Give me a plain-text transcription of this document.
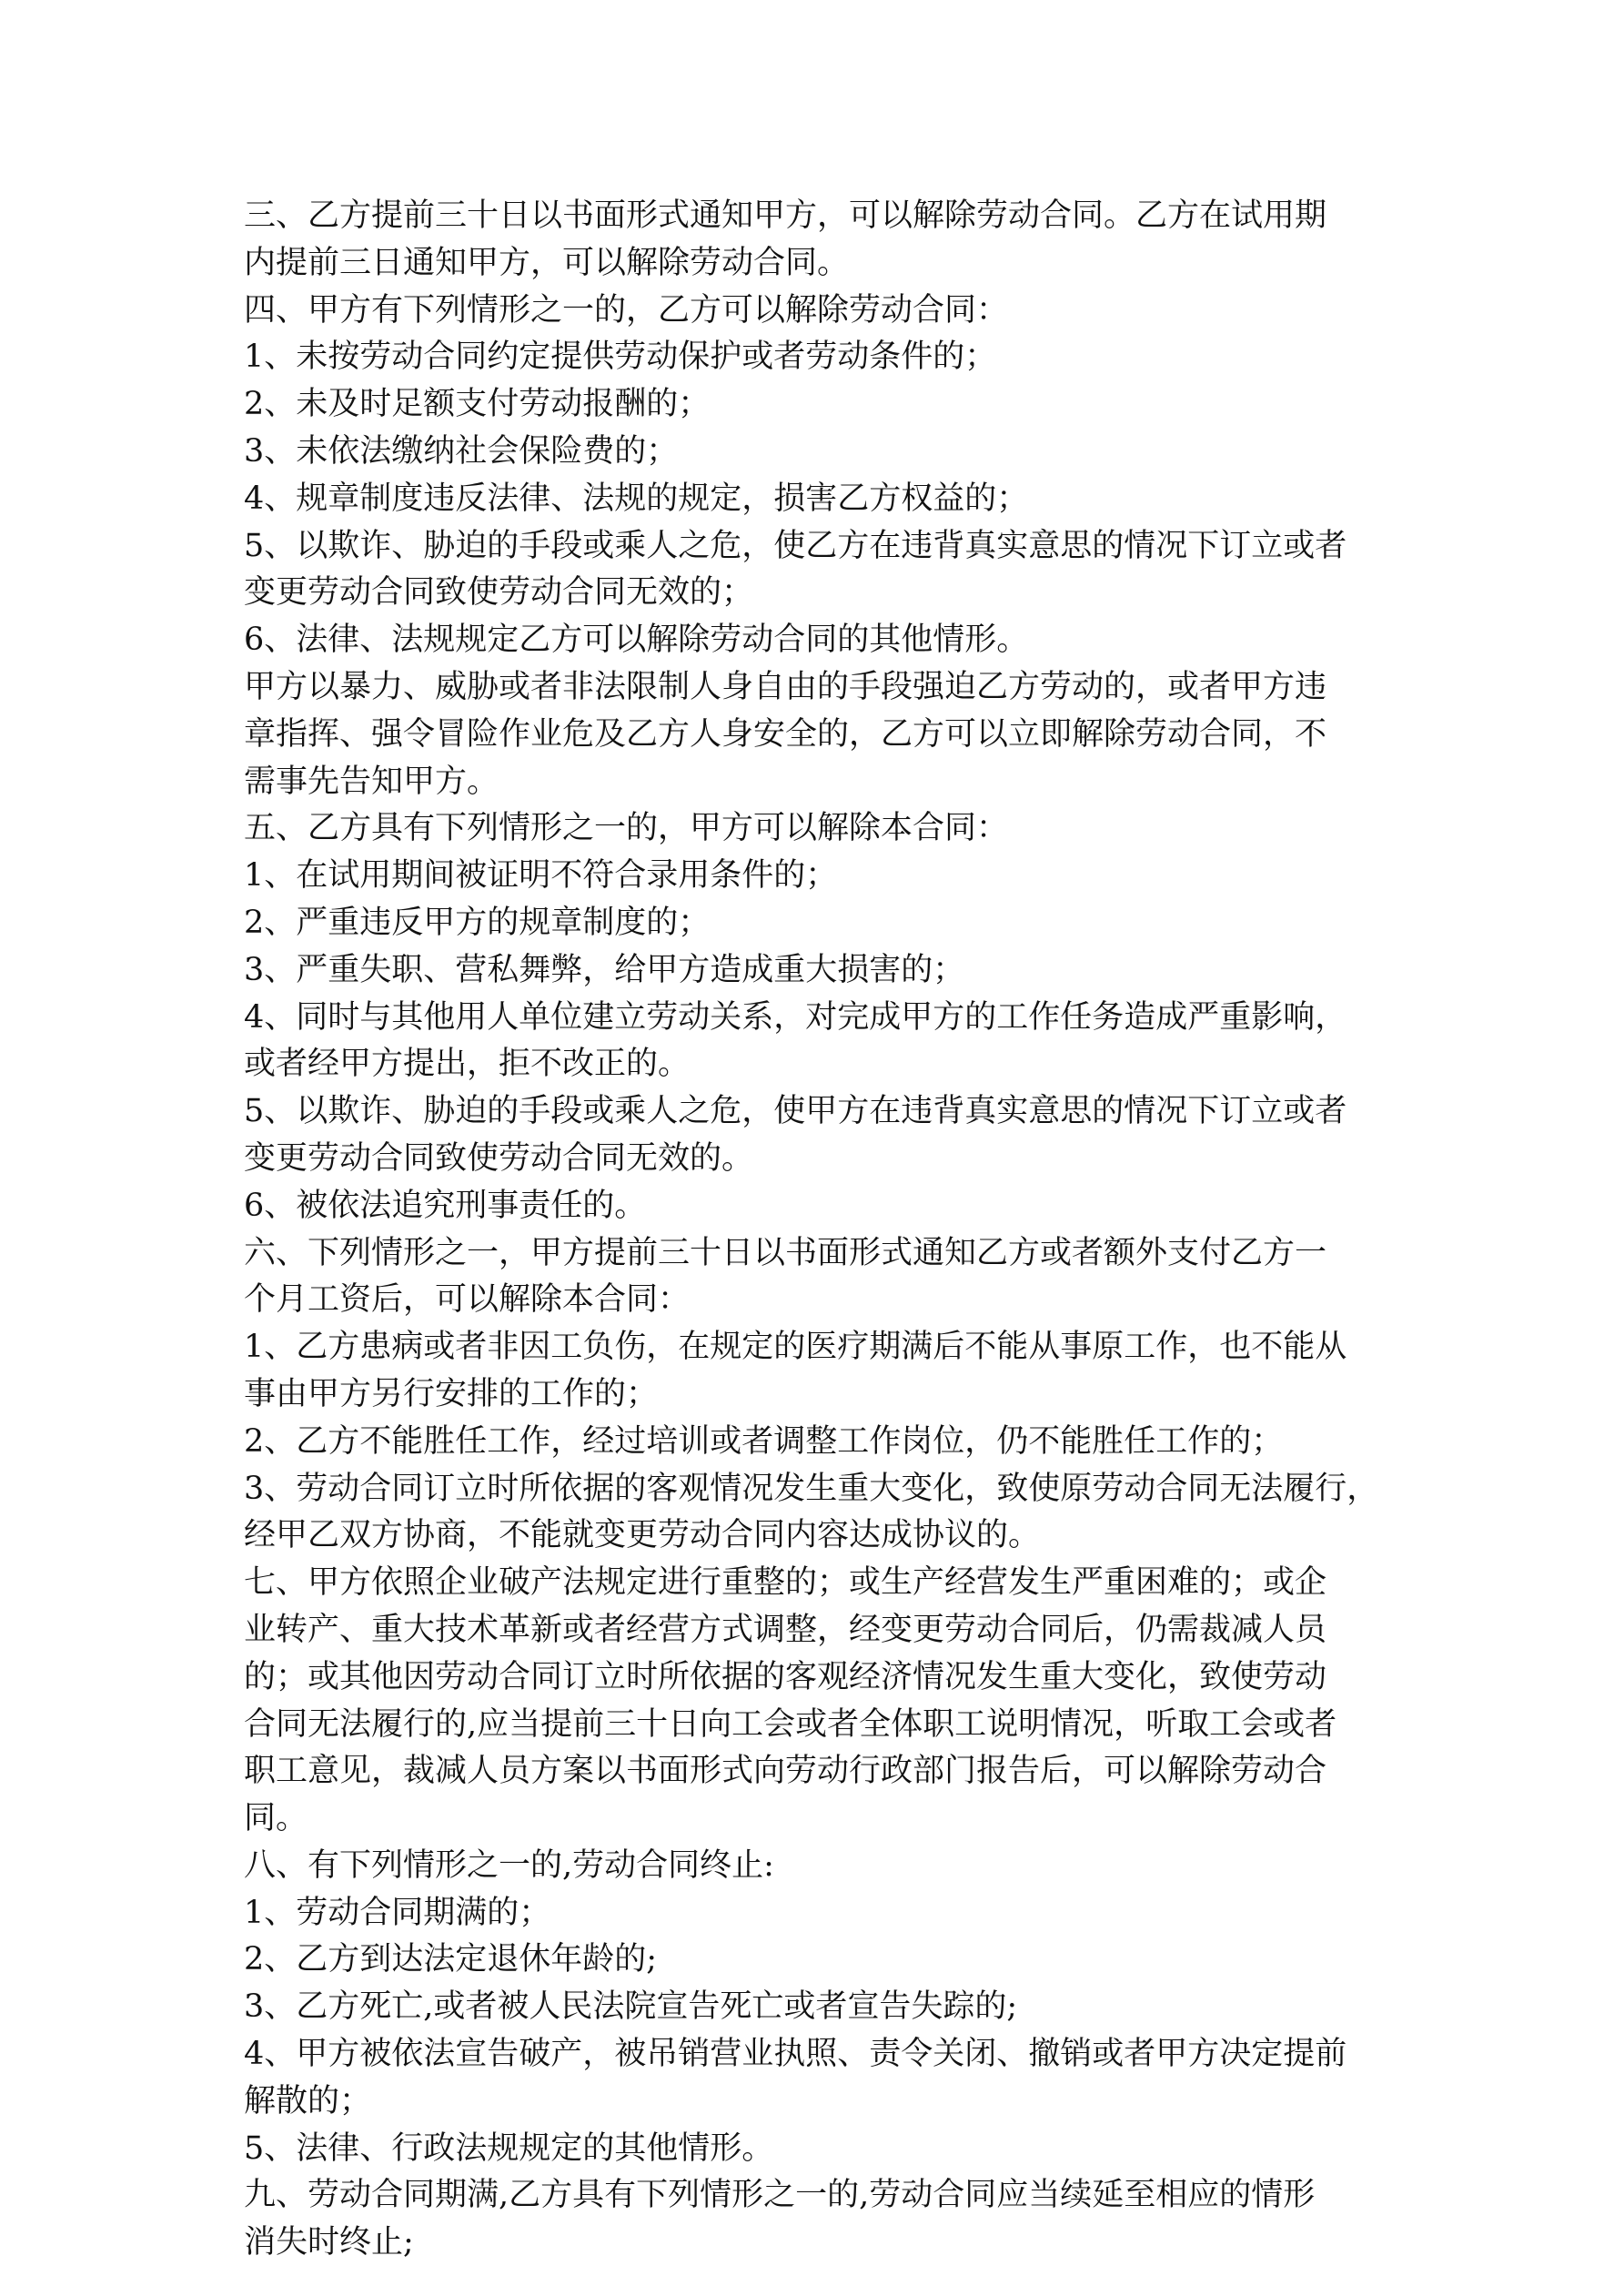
三、乙方提前三十日以书面形式通知甲方，可以解除劳动合同。乙方在试用期
内提前三日通知甲方，可以解除劳动合同。
四、甲方有下列情形之一的，乙方可以解除劳动合同：
1、未按劳动合同约定提供劳动保护或者劳动条件的；
2、未及时足额支付劳动报酬的；
3、未依法缴纳社会保险费的；
4、规章制度违反法律、法规的规定，损害乙方权益的；
5、以欺诈、胁迫的手段或乘人之危，使乙方在违背真实意思的情况下订立或者
变更劳动合同致使劳动合同无效的；
6、法律、法规规定乙方可以解除劳动合同的其他情形。
甲方以暴力、威胁或者非法限制人身自由的手段强迫乙方劳动的，或者甲方违
章指挥、强令冒险作业危及乙方人身安全的，乙方可以立即解除劳动合同，不
需事先告知甲方。
五、乙方具有下列情形之一的，甲方可以解除本合同：
1、在试用期间被证明不符合录用条件的；
2、严重违反甲方的规章制度的；
3、严重失职、营私舞弊，给甲方造成重大损害的；
4、同时与其他用人单位建立劳动关系，对完成甲方的工作任务造成严重影响，
或者经甲方提出，拒不改正的。
5、以欺诈、胁迫的手段或乘人之危，使甲方在违背真实意思的情况下订立或者
变更劳动合同致使劳动合同无效的。
6、被依法追究刑事责任的。
六、下列情形之一，甲方提前三十日以书面形式通知乙方或者额外支付乙方一
个月工资后，可以解除本合同：
1、乙方患病或者非因工负伤，在规定的医疗期满后不能从事原工作，也不能从
事由甲方另行安排的工作的；
2、乙方不能胜任工作，经过培训或者调整工作岗位，仍不能胜任工作的；
3、劳动合同订立时所依据的客观情况发生重大变化，致使原劳动合同无法履行，
经甲乙双方协商，不能就变更劳动合同内容达成协议的。
七、甲方依照企业破产法规定进行重整的；或生产经营发生严重困难的；或企
业转产、重大技术革新或者经营方式调整，经变更劳动合同后，仍需裁减人员
的；或其他因劳动合同订立时所依据的客观经济情况发生重大变化，致使劳动
合同无法履行的,应当提前三十日向工会或者全体职工说明情况，听取工会或者
职工意见，裁减人员方案以书面形式向劳动行政部门报告后，可以解除劳动合
同。
八、有下列情形之一的,劳动合同终止:
1、劳动合同期满的；
2、乙方到达法定退休年龄的;
3、乙方死亡,或者被人民法院宣告死亡或者宣告失踪的;
4、甲方被依法宣告破产，被吊销营业执照、责令关闭、撤销或者甲方决定提前
解散的；
5、法律、行政法规规定的其他情形。
九、劳动合同期满,乙方具有下列情形之一的,劳动合同应当续延至相应的情形
消失时终止;
